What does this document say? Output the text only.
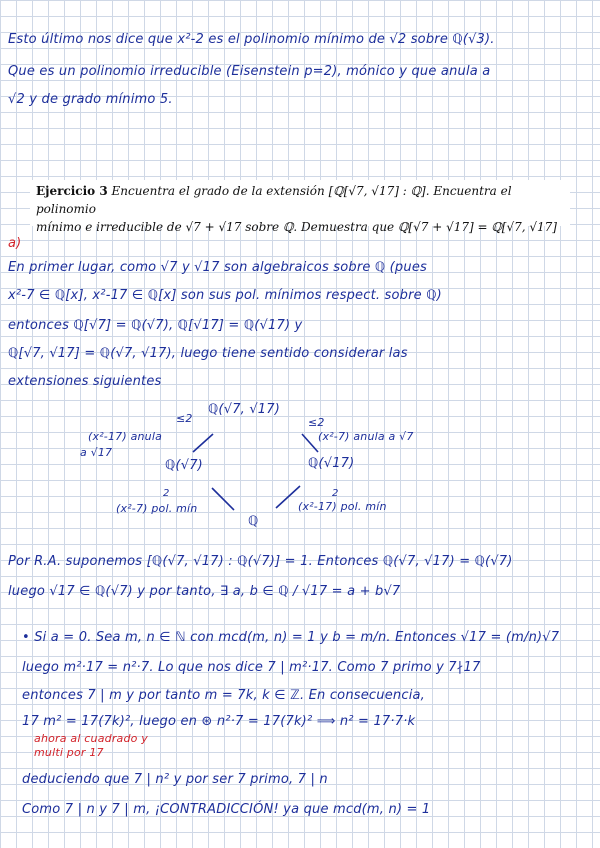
Esto último nos dice que x²-2 es el polinomio mínimo de √2 sobre ℚ(√3).
Que es un polinomio irreducible (Eisenstein p=2), mónico y que anula a
√2 y de grado mínimo 5.
Ejercicio 3 Encuentra el grado de la extensión [ℚ[√7, √17] : ℚ]. Encuentra el polinomio
mínimo e irreducible de √7 + √17 sobre ℚ. Demuestra que ℚ[√7 + √17] = ℚ[√7, √17]
a)
En primer lugar, como √7 y √17 son algebraicos sobre ℚ (pues
x²-7 ∈ ℚ[x], x²-17 ∈ ℚ[x] son sus pol. mínimos respect. sobre ℚ)
entonces ℚ[√7] = ℚ(√7), ℚ[√17] = ℚ(√17) y
ℚ[√7, √17] = ℚ(√7, √17), luego tiene sentido considerar las
extensiones siguientes
ℚ(√7, √17)
≤2	≤2
(x²-17) anula
a √17
(x²-7) anula a √7
ℚ(√7)	ℚ(√17)
2	2
(x²-7) pol. mín	(x²-17) pol. mín
ℚ
Por R.A. suponemos [ℚ(√7, √17) : ℚ(√7)] = 1. Entonces ℚ(√7, √17) = ℚ(√7)
luego √17 ∈ ℚ(√7) y por tanto, ∃ a, b ∈ ℚ / √17 = a + b√7
• Si a = 0. Sea m, n ∈ ℕ con mcd(m, n) = 1 y b = m/n. Entonces √17 = (m/n)√7
luego m²·17 = n²·7. Lo que nos dice 7 | m²·17. Como 7 primo y 7∤17
entonces 7 | m y por tanto m = 7k, k ∈ ℤ. En consecuencia,
17 m² = 17(7k)², luego en ⊛ n²·7 = 17(7k)² ⟹ n² = 17·7·k
ahora al cuadrado y
multi por 17
deduciendo que 7 | n² y por ser 7 primo, 7 | n
Como 7 | n y 7 | m, ¡CONTRADICCIÓN! ya que mcd(m, n) = 1
